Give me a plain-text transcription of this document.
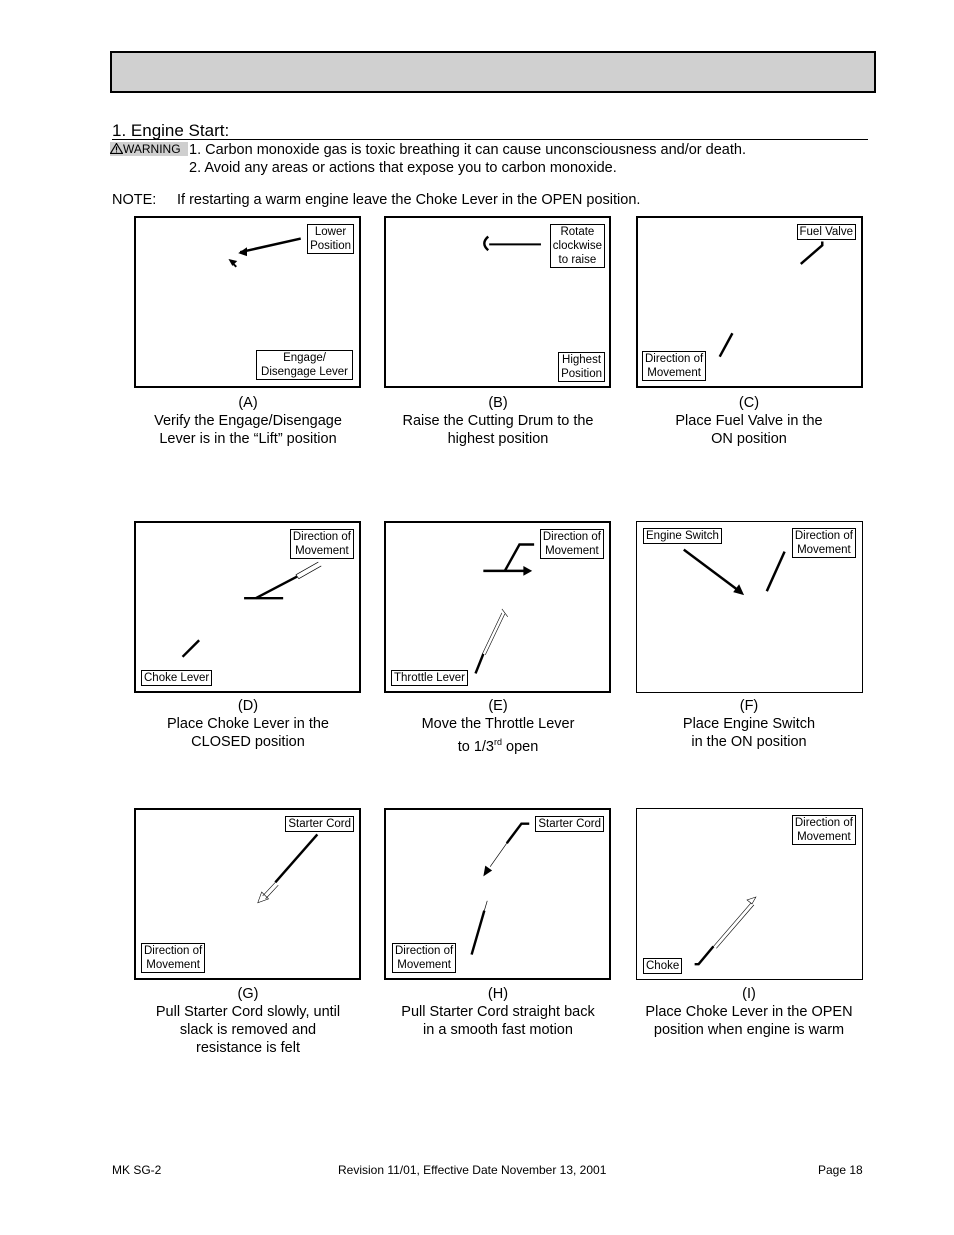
1. Engine Start:
WARNING 1. Carbon monoxide gas is toxic breathing it can cause unconsciousness and/or death.
2. Avoid any areas or actions that expose you to carbon monoxide.
NOTE: If restarting a warm engine leave the Choke Lever in the OPEN position.
Lower
Position
Engage/
Disengage Lever
(A)
Verify the Engage/Disengage
Lever is in the “Lift” position
Rotate
clockwise
to raise
Highest
Position
(B)
Raise the Cutting Drum to the
highest position
Fuel Valve
Direction of
Movement
(C)
Place Fuel Valve in the
ON position
Direction of
Movement
Choke Lever
(D)
Place Choke Lever in the
CLOSED position
Direction of
Movement
Throttle Lever
(E)
Move the Throttle Lever
to 1/3rd open
Engine Switch	Direction of
Movement
(F)
Place Engine Switch
in the ON position
Starter Cord
Direction of
Movement
(G)
Pull Starter Cord slowly, until
slack is removed and
resistance is felt
Starter Cord
Direction of
Movement
(H)
Pull Starter Cord straight back
in a smooth fast motion
Direction of
Movement
Choke
(I)
Place Choke Lever in the OPEN
position when engine is warm
MK SG-2	Revision 11/01, Effective Date November 13, 2001	Page 18
